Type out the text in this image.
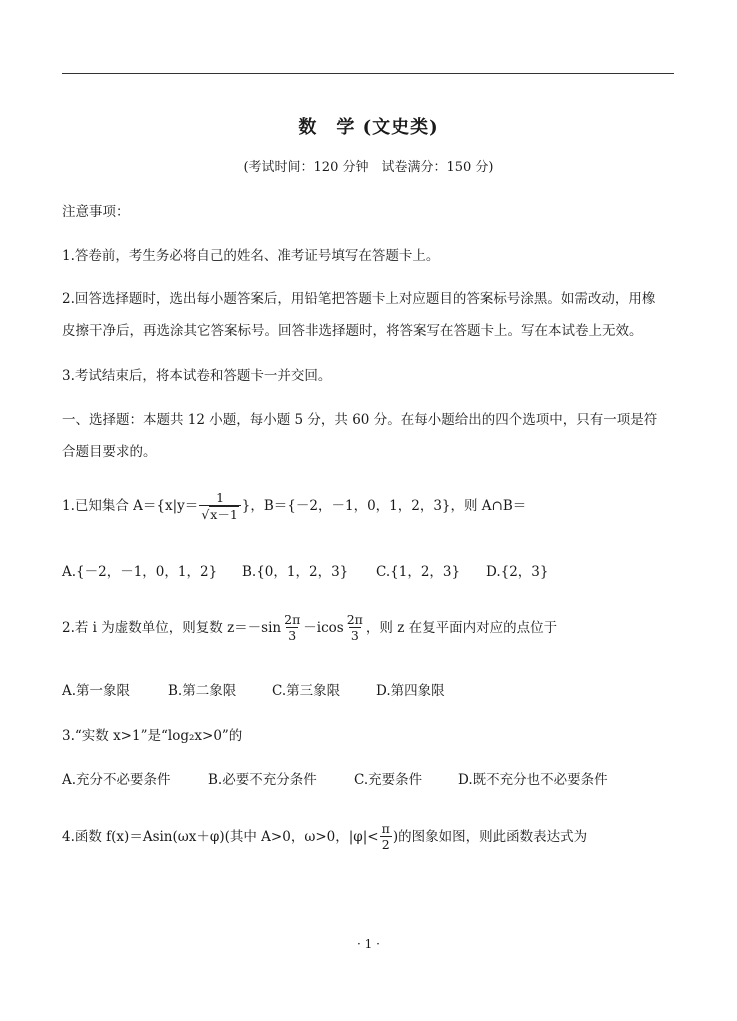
数　学 (文史类)
(考试时间：120 分钟　试卷满分：150 分)
注意事项：
1.答卷前，考生务必将自己的姓名、准考证号填写在答题卡上。
2.回答选择题时，选出每小题答案后，用铅笔把答题卡上对应题目的答案标号涂黑。如需改动，用橡
皮擦干净后，再选涂其它答案标号。回答非选择题时，将答案写在答题卡上。写在本试卷上无效。
3.考试结束后，将本试卷和答题卡一并交回。
一、选择题：本题共 12 小题，每小题 5 分，共 60 分。在每小题给出的四个选项中，只有一项是符
合题目要求的。
1.已知集合 $A=\{x|y= \frac{1}{√x-1}$ }，B＝{－2，－1，0，1，2，3}，则 A∩B＝
A.{－2，－1，0，1，2} B.{0，1，2，3} C.{1，2，3} D.{2，3}
2.若 i 为虚数单位，则复数 $z=-\sin \frac{2\pi}{3} -icos \frac{2\pi}{3}$ ，则 z 在复平面内对应的点位于
A.第一象限	B.第二象限	C.第三象限	D.第四象限
3.“实数 x>1”是“log₂x>0”的
A.充分不必要条件	B.必要不充分条件	C.充要条件	D.既不充分也不必要条件
4.函数 f(x)＝Asin(ωx＋φ)(其中 A>0，ω>0，$|\varphi|< \frac{\pi}{2}$ )的图象如图，则此函数表达式为
· 1 ·
